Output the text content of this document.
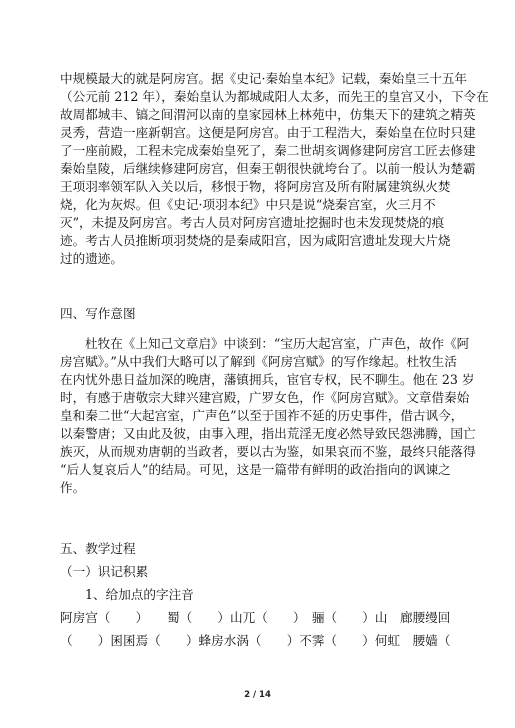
中规模最大的就是阿房宫。据《史记·秦始皇本纪》记载，秦始皇三十五年

（公元前 212 年），秦始皇认为都城咸阳人太多，而先王的皇宫又小，下令在

故周都城丰、镐之间渭河以南的皇家园林上林苑中，仿集天下的建筑之精英

灵秀，营造一座新朝宫。这便是阿房宫。由于工程浩大，秦始皇在位时只建

了一座前殿，工程未完成秦始皇死了，秦二世胡亥调修建阿房宫工匠去修建

秦始皇陵，后继续修建阿房宫，但秦王朝很快就垮台了。以前一般认为楚霸

王项羽率领军队入关以后，移恨于物，将阿房宫及所有附属建筑纵火焚

烧，化为灰烬。但《史记·项羽本纪》中只是说“烧秦宫室，火三月不

灭”，未提及阿房宫。考古人员对阿房宫遗址挖掘时也未发现焚烧的痕

迹。考古人员推断项羽焚烧的是秦咸阳宫，因为咸阳宫遗址发现大片烧

过的遗迹。

四、写作意图

杜牧在《上知己文章启》中谈到：“宝历大起宫室，广声色，故作《阿

房宫赋》。”从中我们大略可以了解到《阿房宫赋》的写作缘起。杜牧生活

在内忧外患日益加深的晚唐，藩镇拥兵，宦官专权，民不聊生。他在 23 岁

时，有感于唐敬宗大肆兴建宫殿，广罗女色，作《阿房宫赋》。文章借秦始

皇和秦二世“大起宫室，广声色”以至于国祚不延的历史事件，借古讽今，

以秦警唐；又由此及彼，由事入理，指出荒淫无度必然导致民怨沸腾，国亡

族灭，从而规劝唐朝的当政者，要以古为鉴，如果哀而不鉴，最终只能落得

“后人复哀后人”的结局。可见，这是一篇带有鲜明的政治指向的讽谏之

作。

五、教学过程
（一）识记积累
1、给加点的字注音
阿房宫（　　）　　蜀（　　）山兀（　　）　骊（　　）山　廊腰缦回
（　　）囷囷焉（　　）蜂房水涡（　　）不霁（　　）何虹　腰嫱（
2 / 14
